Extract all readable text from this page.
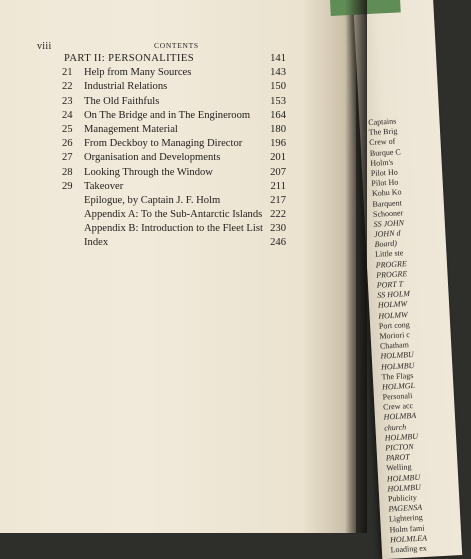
viii	CONTENTS
PART II: PERSONALITIES	141
21	Help from Many Sources	143
22	Industrial Relations	150
23	The Old Faithfuls	153
24	On The Bridge and in The Engineroom 164
25	Management Material	180
26	From Deckboy to Managing Director	196
27	Organisation and Developments	201
28	Looking Through the Window	207
29	Takeover	211
Epilogue, by Captain J. F. Holm	217
Appendix A: To the Sub-Antarctic Islands 222
Appendix B: Introduction to the Fleet List 230
Index	246
Captains
The Brig
Crew of
Burque C
Holm's
Pilot Ho
Pilot Ho
Kohu Ko
Barquent
Schooner
SS JOHN
JOHN d
Board)
Little ste
PROGRE
PROGRE
PORT T
SS HOLM
HOLMW
HOLMW
Port cong
Moriori c
Chatham
HOLMBU
HOLMBU
The Flags
HOLMGL
Personali
Crew acc
HOLMBA
church
HOLMBU
PICTON
PAROT
Welling
HOLMBU
HOLMBU
Publicity
PAGENSA
Lightering
Holm fami
HOLMLEA
Loading ex
